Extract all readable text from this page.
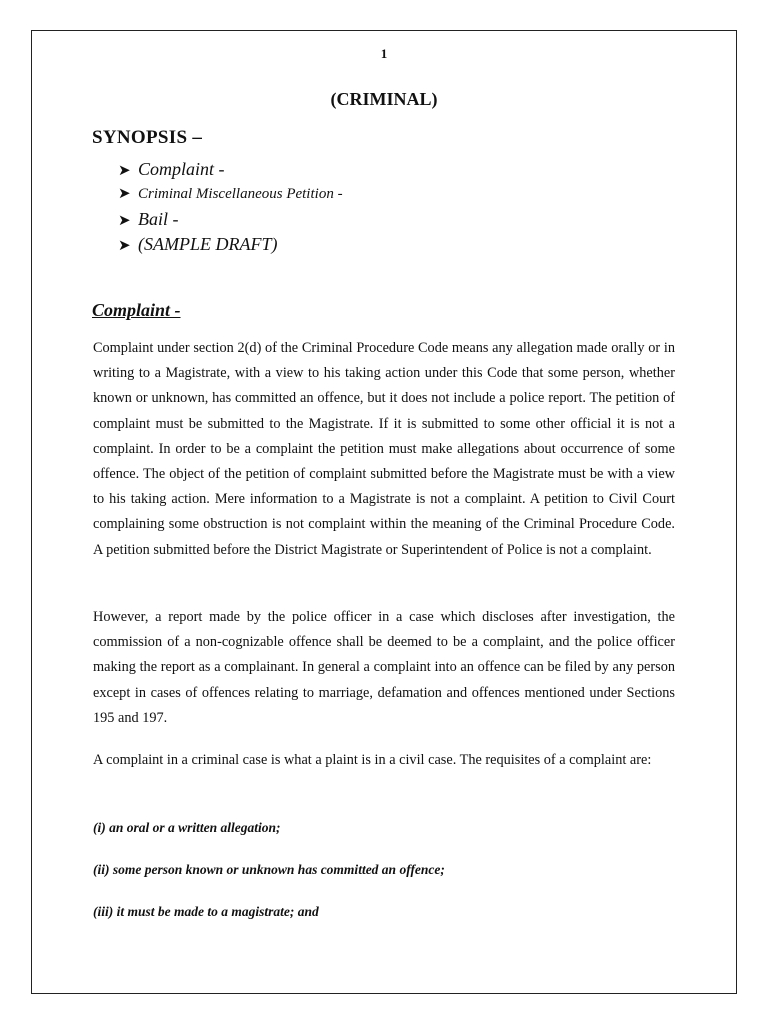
1
(CRIMINAL)
SYNOPSIS –
➤ Complaint -
➤ Criminal Miscellaneous Petition -
➤ Bail -
➤ (SAMPLE DRAFT)
Complaint -

Complaint under section 2(d) of the Criminal Procedure Code means any allegation made orally or in writing to a Magistrate, with a view to his taking action under this Code that some person, whether known or unknown, has committed an offence, but it does not include a police report. The petition of complaint must be submitted to the Magistrate. If it is submitted to some other official it is not a complaint. In order to be a complaint the petition must make allegations about occurrence of some offence. The object of the petition of complaint submitted before the Magistrate must be with a view to his taking action. Mere information to a Magistrate is not a complaint. A petition to Civil Court complaining some obstruction is not complaint within the meaning of the Criminal Procedure Code. A petition submitted before the District Magistrate or Superintendent of Police is not a complaint.

However, a report made by the police officer in a case which discloses after investigation, the commission of a non-cognizable offence shall be deemed to be a complaint, and the police officer making the report as a complainant. In general a complaint into an offence can be filed by any person except in cases of offences relating to marriage, defamation and offences mentioned under Sections 195 and 197.

A complaint in a criminal case is what a plaint is in a civil case. The requisites of a complaint are:

(i) an oral or a written allegation;

(ii) some person known or unknown has committed an offence;

(iii) it must be made to a magistrate; and
